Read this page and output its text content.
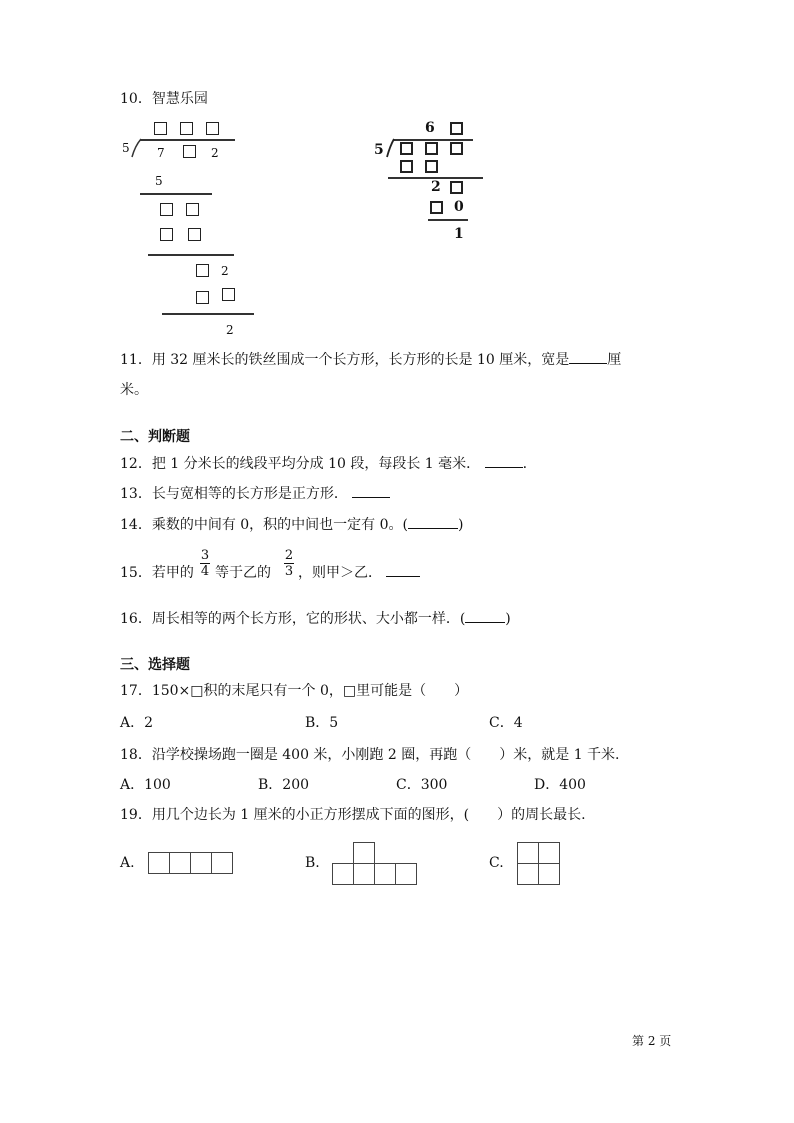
10．智慧乐园
5 7	2
5
2
2
6
5
2
0
1
11．用 32 厘米长的铁丝围成一个长方形，长方形的长是 10 厘米，宽是	厘
米。
二、判断题
12．把 1 分米长的线段平均分成 10 段，每段长 1 毫米．	.
13．长与宽相等的长方形是正方形．
14．乘数的中间有 0，积的中间也一定有 0。(	)
15．若甲的
3
4 等于乙的
2
3 ，则甲＞乙．
16．周长相等的两个长方形，它的形状、大小都一样．(	)
三、选择题
17．150×□积的末尾只有一个 0，□里可能是（　　）
A．2	B．5	C．4
18．沿学校操场跑一圈是 400 米，小刚跑 2 圈，再跑（　　）米，就是 1 千米.
A．100	B．200	C．300	D．400
19．用几个边长为 1 厘米的小正方形摆成下面的图形，(　　）的周长最长.
A.	B.	C.
第 2 页
